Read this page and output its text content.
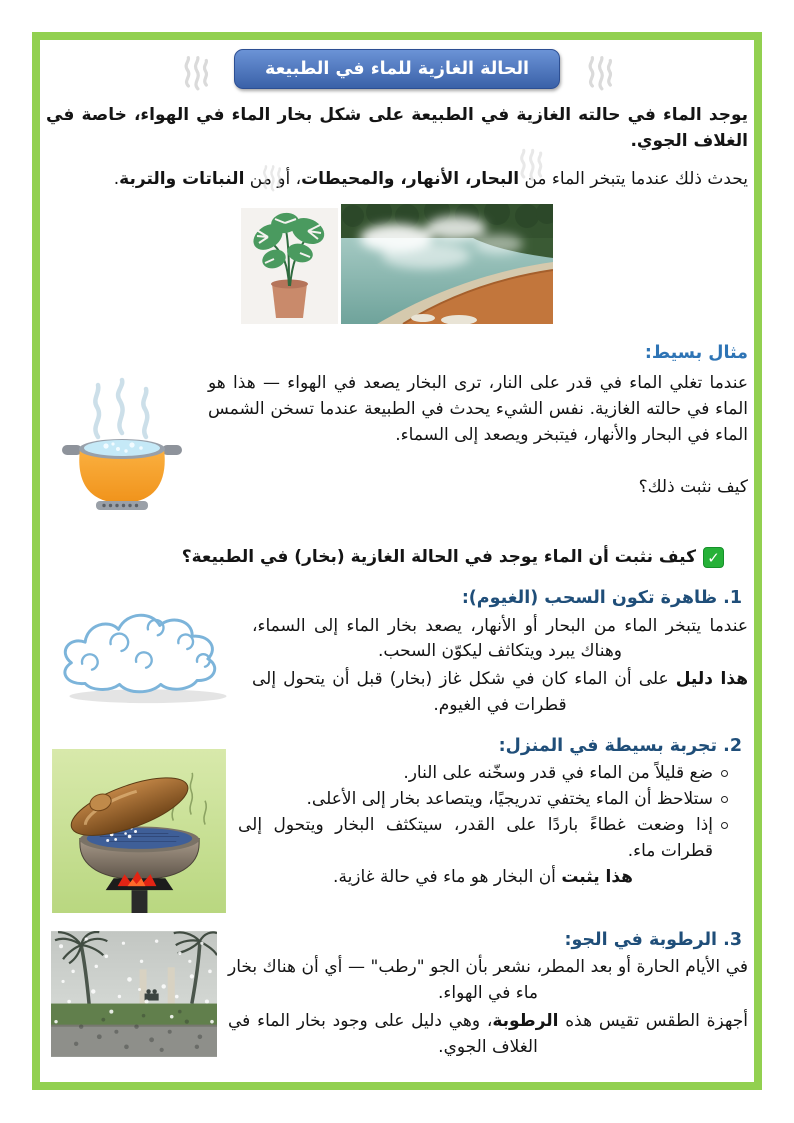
الحالة الغازية للماء في الطبيعة

يوجد الماء في حالته الغازية في الطبيعة على شكل بخار الماء في الهواء، خاصة في الغلاف الجوي.

يحدث ذلك عندما يتبخر الماء من البحار، الأنهار، والمحيطات، أو من النباتات والتربة.

مثال بسيط:

عندما تغلي الماء في قدر على النار، ترى البخار يصعد في الهواء — هذا هو الماء في حالته الغازية. نفس الشيء يحدث في الطبيعة عندما تسخن الشمس الماء في البحار والأنهار، فيتبخر ويصعد إلى السماء.

كيف نثبت ذلك؟

✓
كيف نثبت أن الماء يوجد في الحالة الغازية (بخار) في الطبيعة؟

1. ظاهرة تكون السحب (الغيوم):

عندما يتبخر الماء من البحار أو الأنهار، يصعد بخار الماء إلى السماء، وهناك يبرد ويتكاثف ليكوّن السحب.

هذا دليل على أن الماء كان في شكل غاز (بخار) قبل أن يتحول إلى قطرات في الغيوم.

2. تجربة بسيطة في المنزل:

ضع قليلاً من الماء في قدر وسخّنه على النار.

ستلاحظ أن الماء يختفي تدريجيًا، ويتصاعد بخار إلى الأعلى.

إذا وضعت غطاءً باردًا على القدر، سيتكثف البخار ويتحول إلى قطرات ماء.

هذا يثبت أن البخار هو ماء في حالة غازية.

3. الرطوبة في الجو:

في الأيام الحارة أو بعد المطر، نشعر بأن الجو "رطب" — أي أن هناك بخار ماء في الهواء.

أجهزة الطقس تقيس هذه الرطوبة، وهي دليل على وجود بخار الماء في الغلاف الجوي.
